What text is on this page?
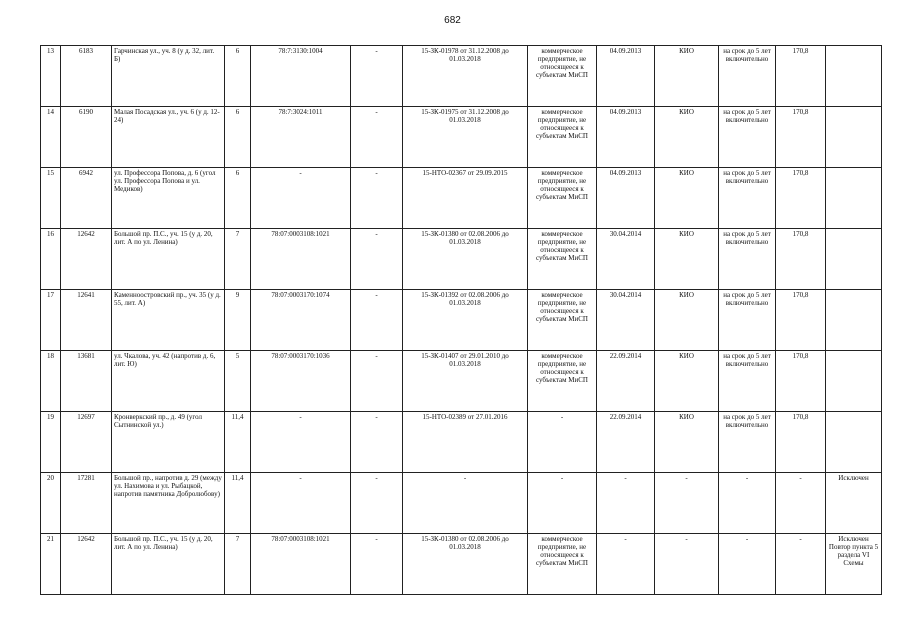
682
13	6183	Гарчинская ул., уч. 8 (у д. 32, лит. Б)	6	78:7:3130:1004	-	15-ЗК-01978 от 31.12.2008 до 01.03.2018	коммерческое предприятие, не относящееся к субъектам МиСП	04.09.2013	КИО	на срок до 5 лет включительно	170,8	
14	6190	Малая Посадская ул., уч. 6 (у д. 12-24)	6	78:7:3024:1011	-	15-ЗК-01975 от 31.12.2008 до 01.03.2018	коммерческое предприятие, не относящееся к субъектам МиСП	04.09.2013	КИО	на срок до 5 лет включительно	170,8	
15	6942	ул. Профессора Попова, д. 6 (угол ул. Профессора Попова и ул. Медиков)	6	-	-	15-НТО-02367 от 29.09.2015	коммерческое предприятие, не относящееся к субъектам МиСП	04.09.2013	КИО	на срок до 5 лет включительно	170,8	
16	12642	Большой пр. П.С., уч. 15 (у д. 20, лит. А по ул. Ленина)	7	78:07:0003108:1021	-	15-ЗК-01380 от 02.08.2006 до 01.03.2018	коммерческое предприятие, не относящееся к субъектам МиСП	30.04.2014	КИО	на срок до 5 лет включительно	170,8	
17	12641	Каменноостровский пр., уч. 35 (у д. 55, лит. А)	9	78:07:0003170:1074	-	15-ЗК-01392 от 02.08.2006 до 01.03.2018	коммерческое предприятие, не относящееся к субъектам МиСП	30.04.2014	КИО	на срок до 5 лет включительно	170,8	
18	13681	ул. Чкалова, уч. 42 (напротив д. 6, лит. Ю)	5	78:07:0003170:1036	-	15-ЗК-01407 от 29.01.2010 до 01.03.2018	коммерческое предприятие, не относящееся к субъектам МиСП	22.09.2014	КИО	на срок до 5 лет включительно	170,8	
19	12697	Кронверкский пр., д. 49 (угол Сытнинской ул.)	11,4	-	-	15-НТО-02389 от 27.01.2016	-	22.09.2014	КИО	на срок до 5 лет включительно	170,8	
20	17281	Большой пр., напротив д. 29 (между ул. Нахимова и ул. Рыбацкой, напротив памятника Добролюбову)	11,4	-	-	-	-	-	-	-	-	Исключен
21	12642	Большой пр. П.С., уч. 15 (у д. 20, лит. А по ул. Ленина)	7	78:07:0003108:1021	-	15-ЗК-01380 от 02.08.2006 до 01.03.2018	коммерческое предприятие, не относящееся к субъектам МиСП	-	-	-	-	Исключен Повтор пункта 5 раздела VI Схемы
